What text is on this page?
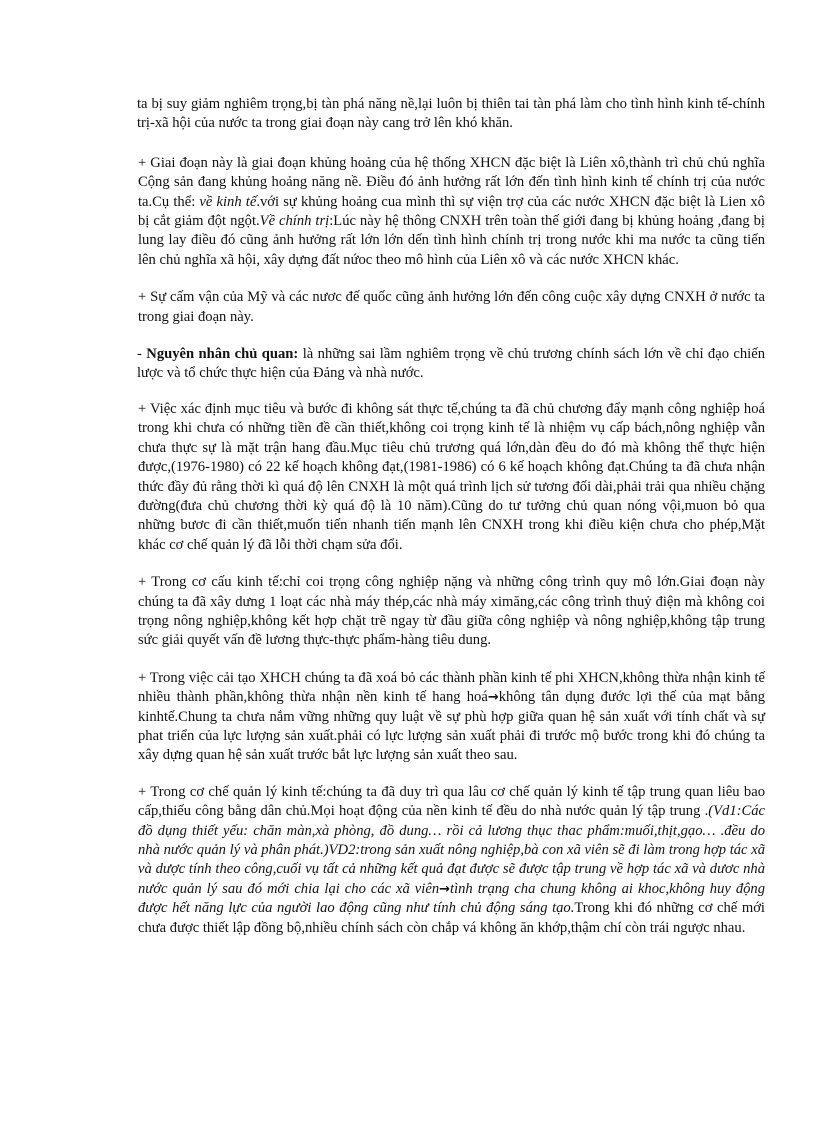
ta bị suy giảm nghiêm trọng,bị tàn phá năng nề,lại luôn bị thiên tai tàn phá làm cho tình hình kinh tế-chính trị-xã hội của nước ta trong giai đoạn này cang trở lên khó khăn.

+ Giai đoạn này là giai đoạn khủng hoảng của hệ thống XHCN đặc biệt là Liên xô,thành trì chủ chủ nghĩa Cộng sản đang khủng hoảng năng nề. Điều đó ảnh hưởng rất lớn đến tình hình kinh tế chính trị của nước ta.Cụ thể: về kinh tế.với sự khủng hoảng cua mình thì sự viện trợ của các nước XHCN đặc biệt là Lien xô bị cắt giảm đột ngột.Về chính trị:Lúc này hệ thông CNXH trên toàn thế giới đang bị khủng hoảng ,đang bị lung lay điều đó cũng ảnh hưởng rất lớn lớn dến tình hình chính trị trong nước khi ma nước ta cũng tiến lên chủ nghĩa xã hội, xây dựng đất nứoc theo mô hình của Liên xô và các nước XHCN khác.

+ Sự cấm vận của Mỹ và các nươc đế quốc cũng ảnh hưởng lớn đến công cuộc xây dựng CNXH ở nước ta trong giai đoạn này.

- Nguyên nhân chủ quan: là những sai lầm nghiêm trọng về chủ trương chính sách lớn về chỉ đạo chiến lược và tổ chức thực hiện của Đảng và nhà nước.

+ Việc xác định mục tiêu và bước đi không sát thực tế,chúng ta đã chủ chương đẩy mạnh công nghiệp hoá trong khi chưa có những tiền đề cần thiết,không coi trọng kinh tế là nhiệm vụ cấp bách,nông nghiệp vẫn chưa thực sự là mặt trận hang đầu.Mục tiêu chủ trương quá lớn,dàn đều do đó mà không thể thực hiện được,(1976-1980) có 22 kế hoạch không đạt,(1981-1986) có 6 kế hoạch không đạt.Chúng ta đã chưa nhận thức đầy đủ rằng thời kì quá độ lên CNXH là một quá trình lịch sử tương đối dài,phải trải qua nhiều chặng đường(đưa chủ chương thời kỳ quá độ là 10 năm).Cũng do tư tưởng chủ quan nóng vội,muon bỏ qua những bươc đi cần thiết,muốn tiến nhanh tiến mạnh lên CNXH trong khi điều kiện chưa cho phép,Mặt khác cơ chế quản lý đã lỗi thời chạm sửa đổi.

+ Trong cơ cấu kinh tế:chỉ coi trọng công nghiệp nặng và những công trình quy mô lớn.Giai đoạn này chúng ta đã xây dưng 1 loạt các nhà máy thép,các nhà máy ximăng,các công trình thuỷ điện mà không coi trọng nông nghiệp,không kết hợp chặt trẽ ngay từ đầu giữa công nghiệp và nông nghiệp,không tập trung sức giải quyết vấn đề lương thực-thực phẩm-hàng tiêu dung.

+ Trong việc cải tạo XHCH chúng ta đã xoá bỏ các thành phần kinh tế phi XHCN,không thừa nhận kinh tế nhiều thành phần,không thừa nhận nền kinh tế hang hoá→không tân dụng đước lợi thế của mạt bằng kinhtế.Chung ta chưa nắm vững những quy luật về sự phù hợp giữa quan hệ sản xuất với tính chất và sự phat triển của lực lượng sản xuất.phải có lực lượng sản xuất phải đi trước mộ bước trong khi đó chúng ta xây dựng quan hệ sản xuất trước bắt lực lượng sản xuất theo sau.

+ Trong cơ chế quản lý kinh tế:chúng ta đã duy trì qua lâu cơ chế quản lý kinh tế tập trung quan liêu bao cấp,thiếu công bằng dân chủ.Mọi hoạt động của nền kinh tế đều do nhà nước quản lý tập trung .(Vd1:Các đồ dụng thiết yếu: chăn màn,xà phòng, đồ dung… rồi cả lương thục thac phẩm:muối,thịt,gạo… .đều do nhà nước quản lý và phân phát.)VD2:trong sản xuất nông nghiệp,bà con xã viên sẽ đi làm trong hợp tác xã và dược tính theo công,cuối vụ tất cả những kết quả đạt được sẽ được tập trung về hợp tác xã và dươc nhà nước quản lý sau đó mới chia lại cho các xã viên→tình trạng cha chung không ai khoc,không huy động được hết năng lực của người lao động cũng như tính chủ động sáng tạo.Trong khi đó những cơ chế mới chưa được thiết lập đồng bộ,nhiều chính sách còn chắp vá không ăn khớp,thậm chí còn trái ngược nhau.
